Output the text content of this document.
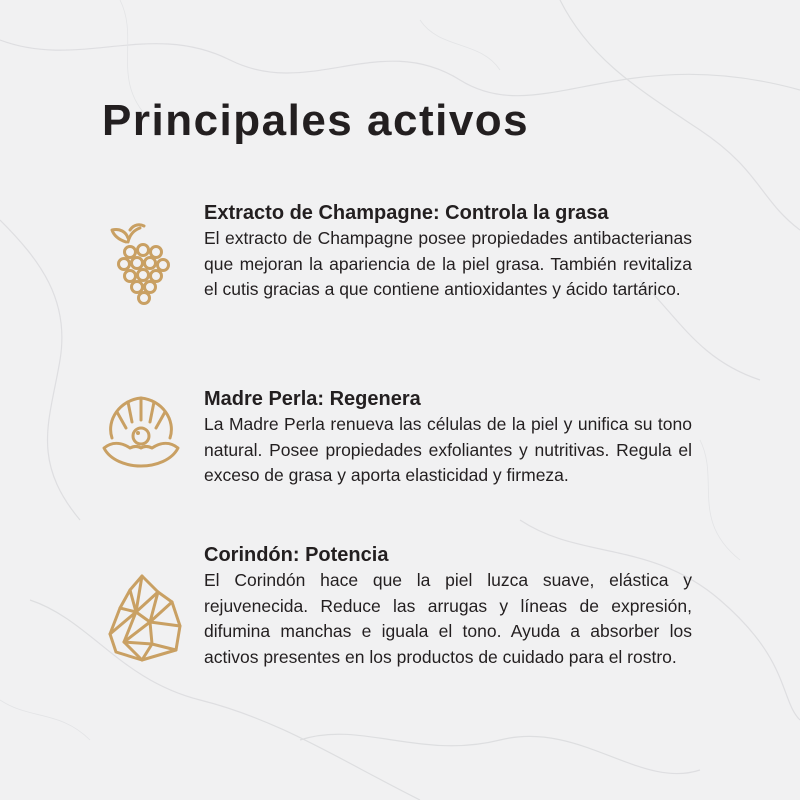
Principales activos

Extracto de Champagne: Controla la grasa

El extracto de Champagne posee propiedades antibacterianas que mejoran la apariencia de la piel grasa. También revitaliza el cutis gracias a que contiene antioxidantes y ácido tartárico.

Madre Perla: Regenera

La Madre Perla renueva las células de la piel y unifica su tono natural. Posee propiedades exfoliantes y nutritivas. Regula el exceso de grasa y aporta elasticidad y firmeza.

Corindón: Potencia

El Corindón hace que la piel luzca suave, elástica y rejuvenecida. Reduce las arrugas y líneas de expresión, difumina manchas e iguala el tono. Ayuda a absorber los activos presentes en los productos de cuidado para el rostro.
